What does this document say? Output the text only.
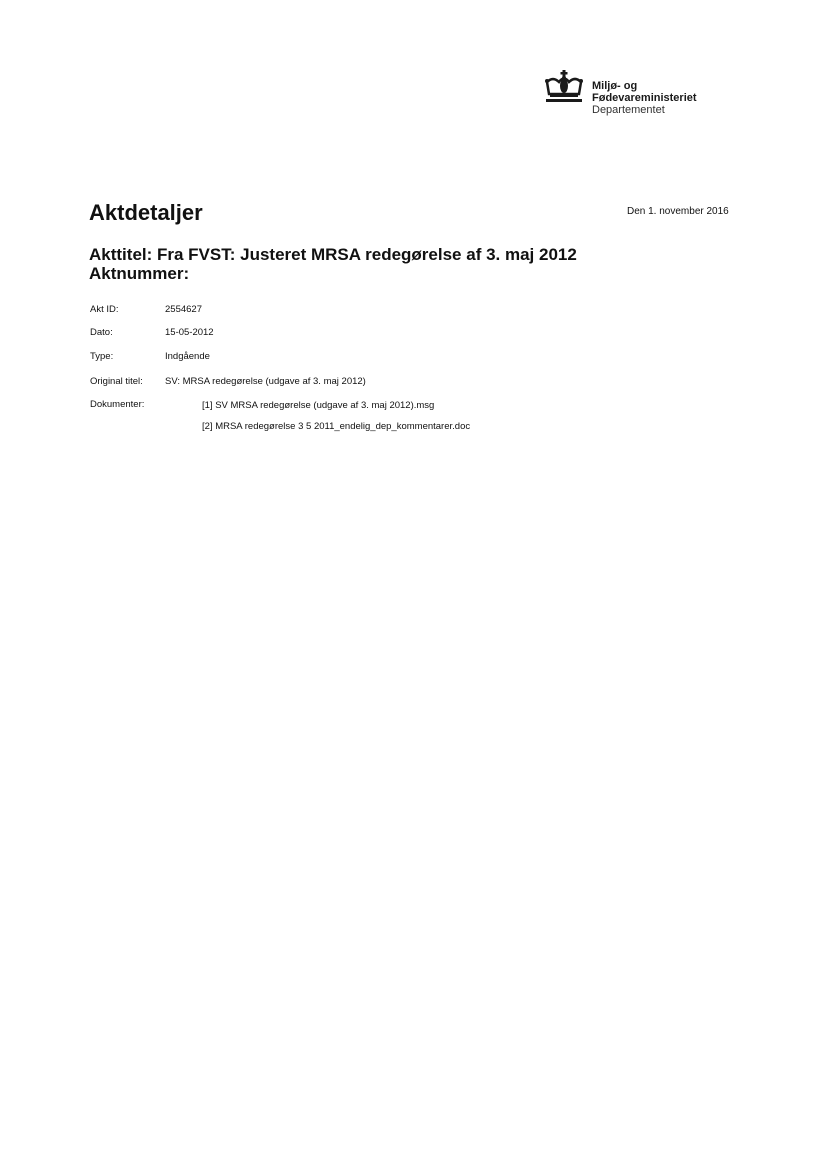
Miljø- og
Fødevareministeriet
Departementet
Den 1. november 2016
Aktdetaljer
Akttitel: Fra FVST: Justeret MRSA redegørelse af 3. maj 2012
Aktnummer:
Akt ID:	2554627
Dato:	15-05-2012
Type:	Indgående
Original titel:	SV: MRSA redegørelse (udgave af 3. maj 2012)
Dokumenter:	[1] SV MRSA redegørelse (udgave af 3. maj 2012).msg
[2] MRSA redegørelse 3 5 2011_endelig_dep_kommentarer.doc
